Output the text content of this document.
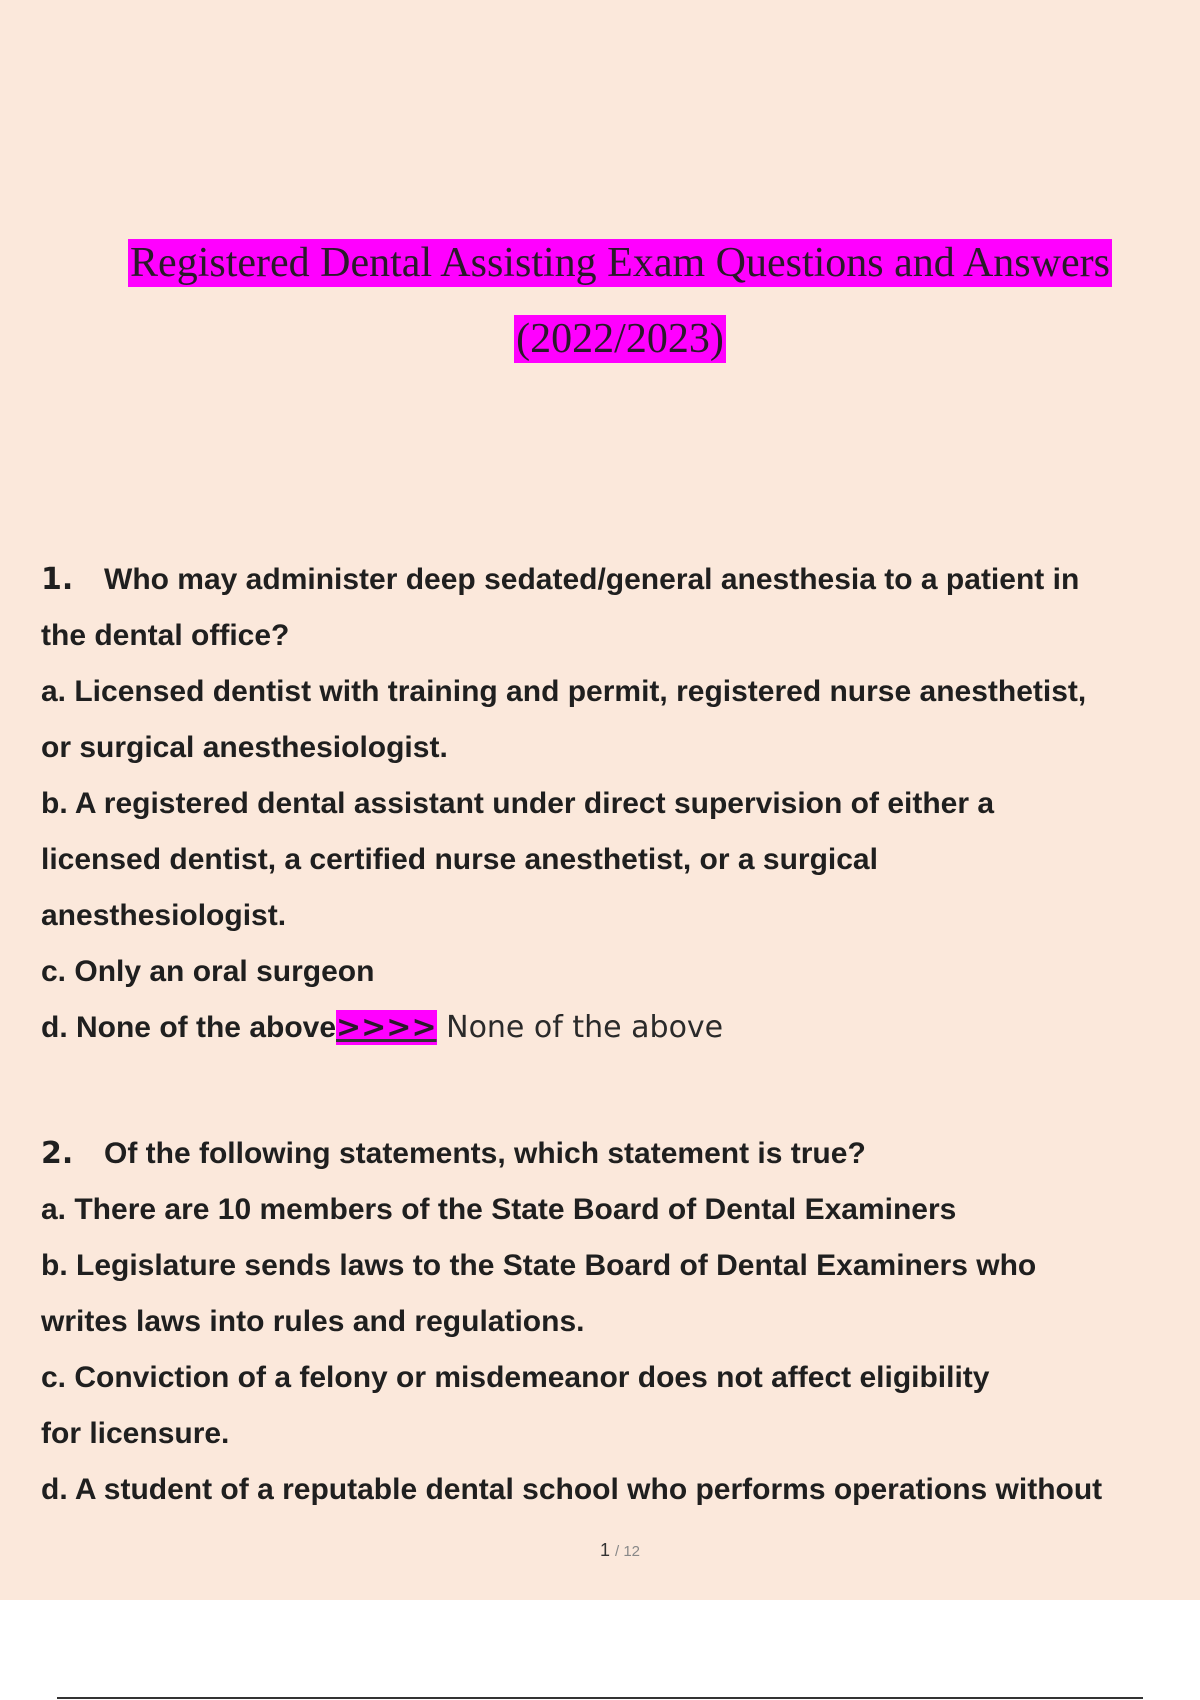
Registered Dental Assisting Exam Questions and Answers
(2022/2023)

1. Who may administer deep sedated/general anesthesia to a patient in

the dental office?

a. Licensed dentist with training and permit, registered nurse anesthetist,

or surgical anesthesiologist.

b. A registered dental assistant under direct supervision of either a

licensed dentist, a certified nurse anesthetist, or a surgical

anesthesiologist.

c. Only an oral surgeon

d. None of the above>>>> None of the above

2. Of the following statements, which statement is true?

a. There are 10 members of the State Board of Dental Examiners

b. Legislature sends laws to the State Board of Dental Examiners who

writes laws into rules and regulations.

c. Conviction of a felony or misdemeanor does not affect eligibility

for licensure.

d. A student of a reputable dental school who performs operations without

1 / 12
